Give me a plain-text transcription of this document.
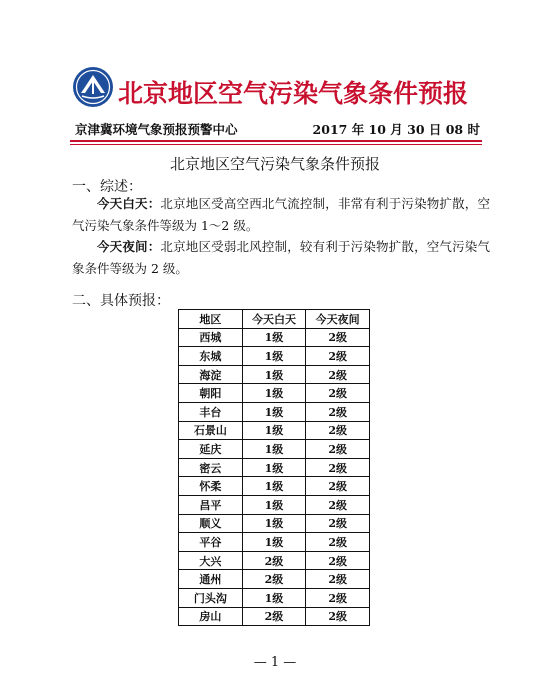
北京地区空气污染气象条件预报
京津冀环境气象预报预警中心	2017 年 10 月 30 日 08 时
北京地区空气污染气象条件预报
一、综述：
今天白天：北京地区受高空西北气流控制，非常有利于污染物扩散，空气污染气象条件等级为 1～2 级。
今天夜间：北京地区受弱北风控制，较有利于污染物扩散，空气污染气象条件等级为 2 级。
二、具体预报：
地区	今天白天	今天夜间
西城	1级	2级
东城	1级	2级
海淀	1级	2级
朝阳	1级	2级
丰台	1级	2级
石景山	1级	2级
延庆	1级	2级
密云	1级	2级
怀柔	1级	2级
昌平	1级	2级
顺义	1级	2级
平谷	1级	2级
大兴	2级	2级
通州	2级	2级
门头沟	1级	2级
房山	2级	2级
— 1 —
